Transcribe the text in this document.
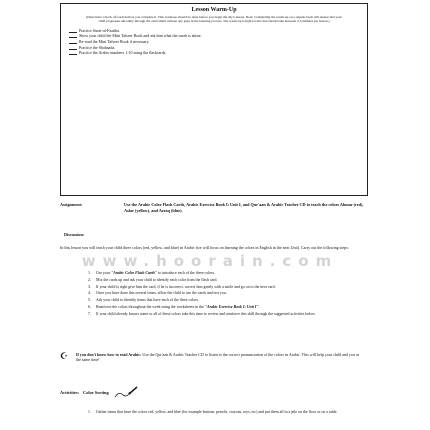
Lesson Warm-Up
(Directions: Check off each item as you complete it. This warm-up should be done before you begin the day's lesson. Note: Completing the warm-up on a regular basis will ensure that your child progresses smoothly through the curriculum without any gaps in the learning process. The warm-up is light review that should take between 2-5 minutes per lesson.)
Practice Surat-ul-Faatiha.
Show your child the Mini Tafseer Book and ask him what the surah is about.
Re-read the Mini Tafseer Book if necessary.
Practice the Shahaada.
Practice the Arabic numbers 1-10 using the flashcards.
Assignment:	Use the Arabic Color Flash Cards, Arabic Exercise Book I: Unit I, and Qur'aan & Arabic Teacher CD to teach the colors Ahmar (red), Asfar (yellow), and Azraq (blue).
Discussion:
www.hoorain.com
In this lesson you will teach your child three colors (red, yellow, and blue) in Arabic (we will focus on learning the colors in English in the next Unit). Carry out the following steps:
1.	Use your "Arabic Color Flash Cards" to introduce each of the three colors.
2.	Mix the cards up and ask your child to identify each color from the flash card.
3.	If your child is right give him the card, if he is incorrect, correct him gently with a smile and go on to the next card.
4.	Once you have done this several times, allow the child to use the cards and test you.
5.	Ask your child to identify items that have each of the three colors.
6.	Reinforce the colors throughout the week using the worksheets in the "Arabic Exercise Book I: Unit I".
7.	If your child already knows some or all of these colors take this time to review and reinforce this skill through the suggested activities below.
☪	If you don't know how to read Arabic: Use the Qur'aan & Arabic Teacher CD to listen to the correct pronunciation of the colors in Arabic. This will help your child and you at the same time!
Activities: Color Sorting
1.	Gather items that have the colors red, yellow, and blue (for example buttons, pencils, crayons, toys, etc) and put them all in a pile on the floor or on a table.
